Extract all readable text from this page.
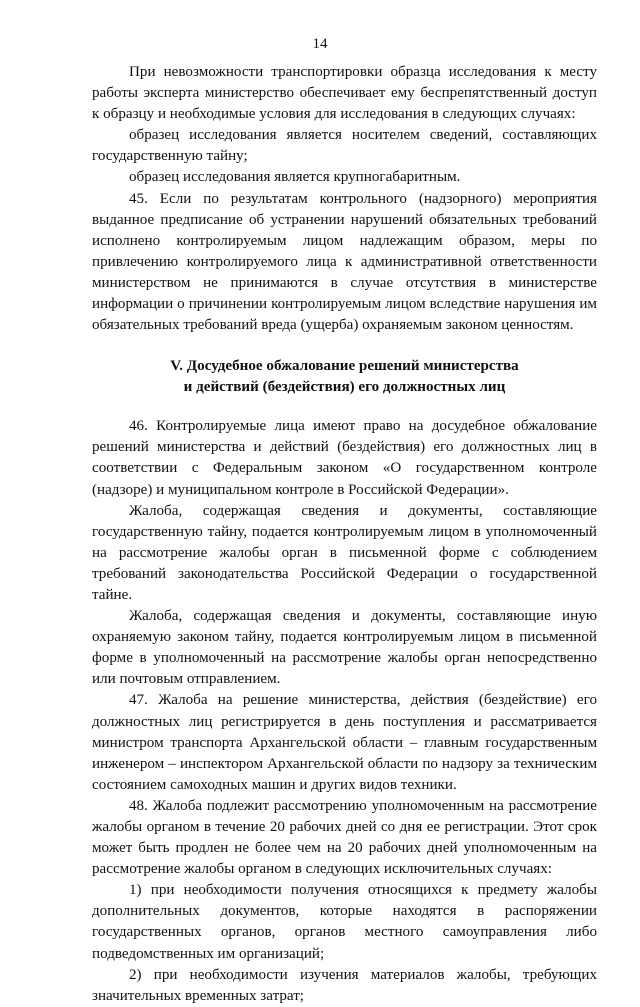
14

При невозможности транспортировки образца исследования к месту работы эксперта министерство обеспечивает ему беспрепятственный доступ к образцу и необходимые условия для исследования в следующих случаях:

образец исследования является носителем сведений, составляющих государственную тайну;

образец исследования является крупногабаритным.

45. Если по результатам контрольного (надзорного) мероприятия выданное предписание об устранении нарушений обязательных требований исполнено контролируемым лицом надлежащим образом, меры по привлечению контролируемого лица к административной ответственности министерством не принимаются в случае отсутствия в министерстве информации о причинении контролируемым лицом вследствие нарушения им обязательных требований вреда (ущерба) охраняемым законом ценностям.

V. Досудебное обжалование решений министерства
и действий (бездействия) его должностных лиц

46. Контролируемые лица имеют право на досудебное обжалование решений министерства и действий (бездействия) его должностных лиц в соответствии с Федеральным законом «О государственном контроле (надзоре) и муниципальном контроле в Российской Федерации».

Жалоба, содержащая сведения и документы, составляющие государственную тайну, подается контролируемым лицом в уполномоченный на рассмотрение жалобы орган в письменной форме с соблюдением требований законодательства Российской Федерации о государственной тайне.

Жалоба, содержащая сведения и документы, составляющие иную охраняемую законом тайну, подается контролируемым лицом в письменной форме в уполномоченный на рассмотрение жалобы орган непосредственно или почтовым отправлением.

47. Жалоба на решение министерства, действия (бездействие) его должностных лиц регистрируется в день поступления и рассматривается министром транспорта Архангельской области – главным государственным инженером – инспектором Архангельской области по надзору за техническим состоянием самоходных машин и других видов техники.

48. Жалоба подлежит рассмотрению уполномоченным на рассмотрение жалобы органом в течение 20 рабочих дней со дня ее регистрации. Этот срок может быть продлен не более чем на 20 рабочих дней уполномоченным на рассмотрение жалобы органом в следующих исключительных случаях:

1) при необходимости получения относящихся к предмету жалобы дополнительных документов, которые находятся в распоряжении государственных органов, органов местного самоуправления либо подведомственных им организаций;

2) при необходимости изучения материалов жалобы, требующих значительных временных затрат;
